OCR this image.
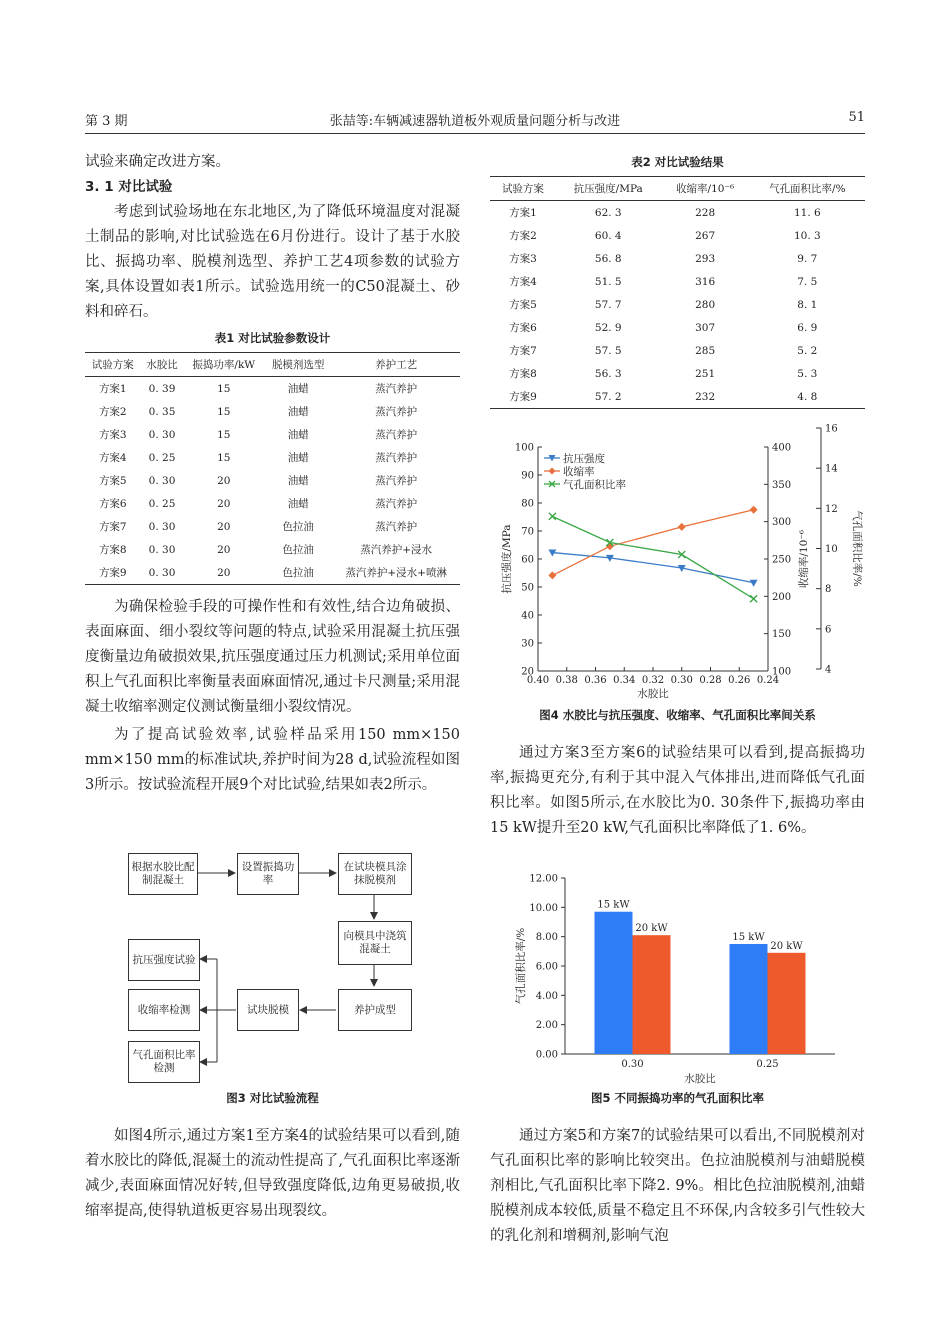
第 3 期	张喆等:车辆减速器轨道板外观质量问题分析与改进	51

试验来确定改进方案。

3. 1 对比试验

考虑到试验场地在东北地区,为了降低环境温度对混凝土制品的影响,对比试验选在6月份进行。设计了基于水胶比、振捣功率、脱模剂选型、养护工艺4项参数的试验方案,具体设置如表1所示。试验选用统一的C50混凝土、砂料和碎石。

表1 对比试验参数设计
试验方案	水胶比	振捣功率/kW	脱模剂选型	养护工艺
方案1	0. 39	15	油蜡	蒸汽养护
方案2	0. 35	15	油蜡	蒸汽养护
方案3	0. 30	15	油蜡	蒸汽养护
方案4	0. 25	15	油蜡	蒸汽养护
方案5	0. 30	20	油蜡	蒸汽养护
方案6	0. 25	20	油蜡	蒸汽养护
方案7	0. 30	20	色拉油	蒸汽养护
方案8	0. 30	20	色拉油	蒸汽养护+浸水
方案9	0. 30	20	色拉油	蒸汽养护+浸水+喷淋

为确保检验手段的可操作性和有效性,结合边角破损、表面麻面、细小裂纹等问题的特点,试验采用混凝土抗压强度衡量边角破损效果,抗压强度通过压力机测试;采用单位面积上气孔面积比率衡量表面麻面情况,通过卡尺测量;采用混凝土收缩率测定仪测试衡量细小裂纹情况。

为了提高试验效率,试验样品采用150 mm×150 mm×150 mm的标准试块,养护时间为28 d,试验流程如图3所示。按试验流程开展9个对比试验,结果如表2所示。

根据水胶比配制混凝土
设置振捣功率
在试块模具涂抹脱模剂
向模具中浇筑混凝土
养护成型
试块脱模
抗压强度试验
收缩率检测
气孔面积比率检测
图3 对比试验流程

如图4所示,通过方案1至方案4的试验结果可以看到,随着水胶比的降低,混凝土的流动性提高了,气孔面积比率逐渐减少,表面麻面情况好转,但导致强度降低,边角更易破损,收缩率提高,使得轨道板更容易出现裂纹。

表2 对比试验结果
试验方案	抗压强度/MPa	收缩率/10⁻⁶	气孔面积比率/%
方案1	62. 3	228	11. 6
方案2	60. 4	267	10. 3
方案3	56. 8	293	9. 7
方案4	51. 5	316	7. 5
方案5	57. 7	280	8. 1
方案6	52. 9	307	6. 9
方案7	57. 5	285	5. 2
方案8	56. 3	251	5. 3
方案9	57. 2	232	4. 8
20
30
40
50
60
70
80
90
100
100
150
200
250
300
350
400
4
6
8
10
12
14
16
0.40 0.38 0.36 0.34 0.32 0.30 0.28 0.26 0.24
水胶比
抗压强度/MPa	收缩率/10⁻⁶	气孔面积比率/%
抗压强度
收缩率
气孔面积比率
图4 水胶比与抗压强度、收缩率、气孔面积比率间关系

通过方案3至方案6的试验结果可以看到,提高振捣功率,振捣更充分,有利于其中混入气体排出,进而降低气孔面积比率。如图5所示,在水胶比为0. 30条件下,振捣功率由15 kW提升至20 kW,气孔面积比率降低了1. 6%。

0.00
2.00
4.00
6.00
8.00
10.00
12.00
0.30
15 kW
20 kW
0.25
15 kW
20 kW
水胶比
气孔面积比率/%
图5 不同振捣功率的气孔面积比率

通过方案5和方案7的试验结果可以看出,不同脱模剂对气孔面积比率的影响比较突出。色拉油脱模剂与油蜡脱模剂相比,气孔面积比率下降2. 9%。相比色拉油脱模剂,油蜡脱模剂成本较低,质量不稳定且不环保,内含较多引气性较大的乳化剂和增稠剂,影响气泡
